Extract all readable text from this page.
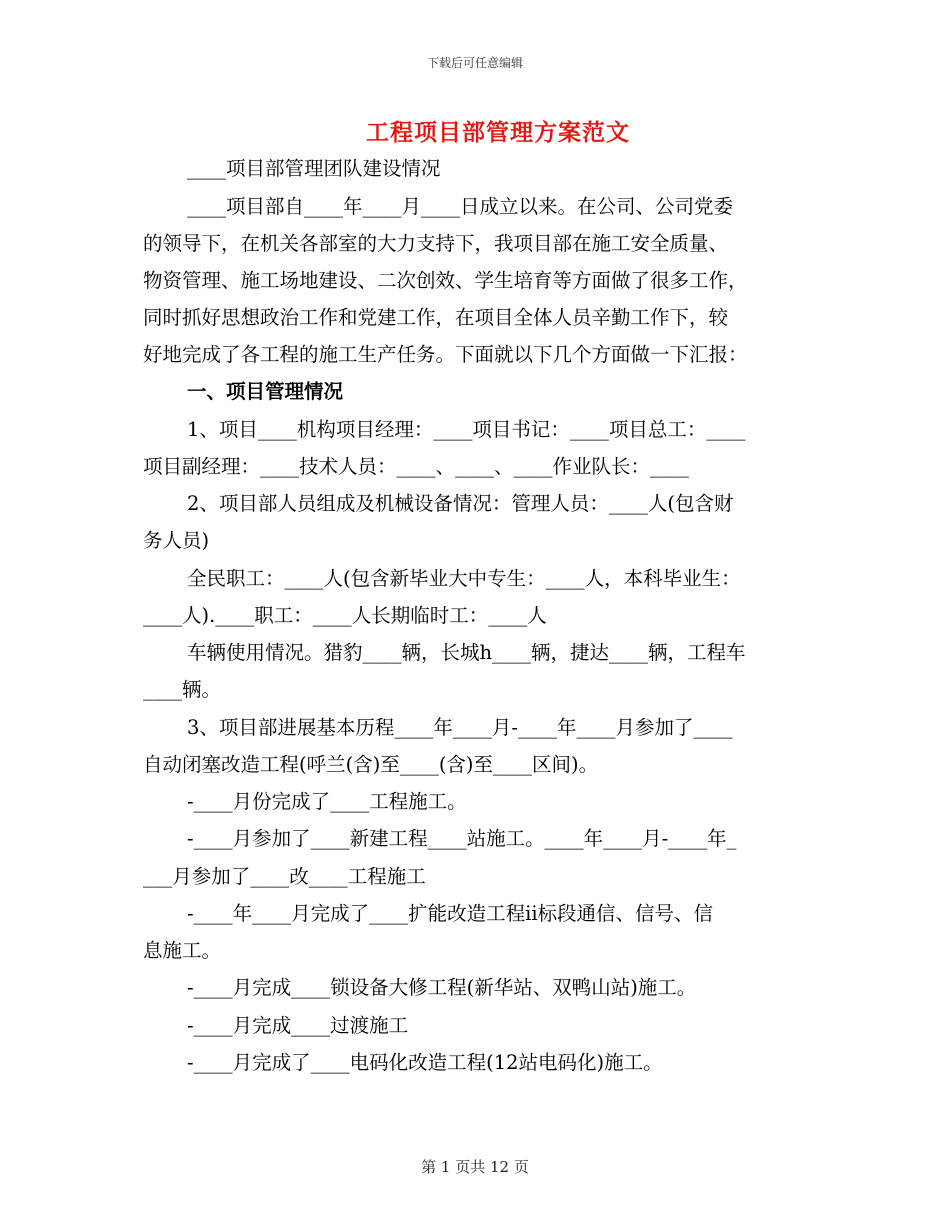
下载后可任意编辑
工程项目部管理方案范文
____项目部管理团队建设情况
____项目部自____年____月____日成立以来。在公司、公司党委
的领导下，在机关各部室的大力支持下，我项目部在施工安全质量、
物资管理、施工场地建设、二次创效、学生培育等方面做了很多工作，
同时抓好思想政治工作和党建工作，在项目全体人员辛勤工作下，较
好地完成了各工程的施工生产任务。下面就以下几个方面做一下汇报：
一、项目管理情况
1、项目____机构项目经理：____项目书记：____项目总工：____
项目副经理：____技术人员：____、____、____作业队长：____
2、项目部人员组成及机械设备情况：管理人员：____人(包含财
务人员)
全民职工：____人(包含新毕业大中专生：____人，本科毕业生：
____人).____职工：____人长期临时工：____人
车辆使用情况。猎豹____辆，长城h____辆，捷达____辆，工程车
____辆。
3、项目部进展基本历程____年____月-____年____月参加了____
自动闭塞改造工程(呼兰(含)至____(含)至____区间)。
-____月份完成了____工程施工。
-____月参加了____新建工程____站施工。____年____月-____年_
___月参加了____改____工程施工
-____年____月完成了____扩能改造工程ii标段通信、信号、信
息施工。
-____月完成____锁设备大修工程(新华站、双鸭山站)施工。
-____月完成____过渡施工
-____月完成了____电码化改造工程(12站电码化)施工。
第 1 页共 12 页
